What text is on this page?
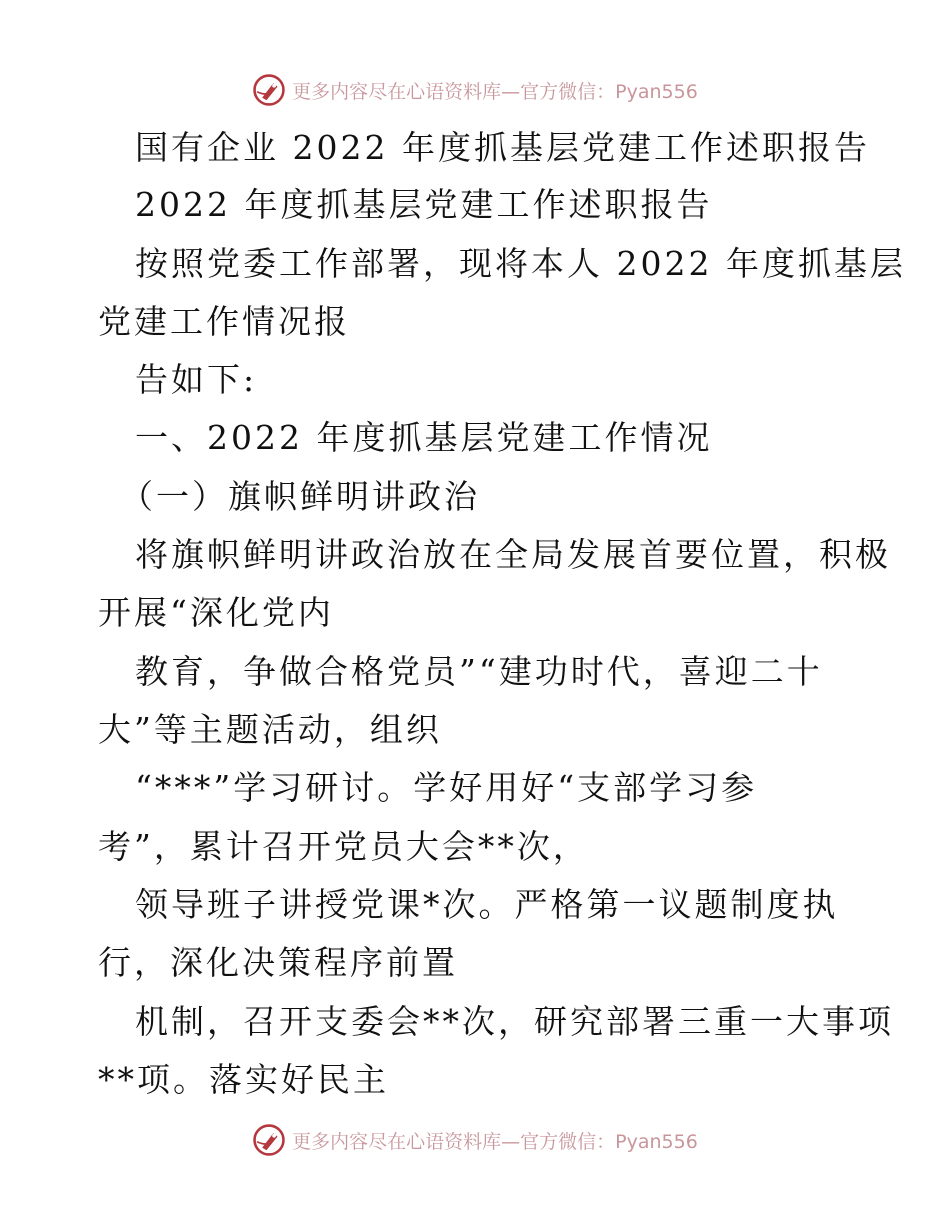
更多内容尽在心语资料库—官方微信：Pyan556
国有企业 2022 年度抓基层党建工作述职报告
2022 年度抓基层党建工作述职报告
按照党委工作部署，现将本人 2022 年度抓基层
党建工作情况报
告如下:
一、2022 年度抓基层党建工作情况
（一）旗帜鲜明讲政治
将旗帜鲜明讲政治放在全局发展首要位置，积极
开展“深化党内
教育，争做合格党员”“建功时代，喜迎二十
大”等主题活动，组织
“***”学习研讨。学好用好“支部学习参
考”，累计召开党员大会**次，
领导班子讲授党课*次。严格第一议题制度执
行，深化决策程序前置
机制，召开支委会**次，研究部署三重一大事项
**项。落实好民主
更多内容尽在心语资料库—官方微信：Pyan556
